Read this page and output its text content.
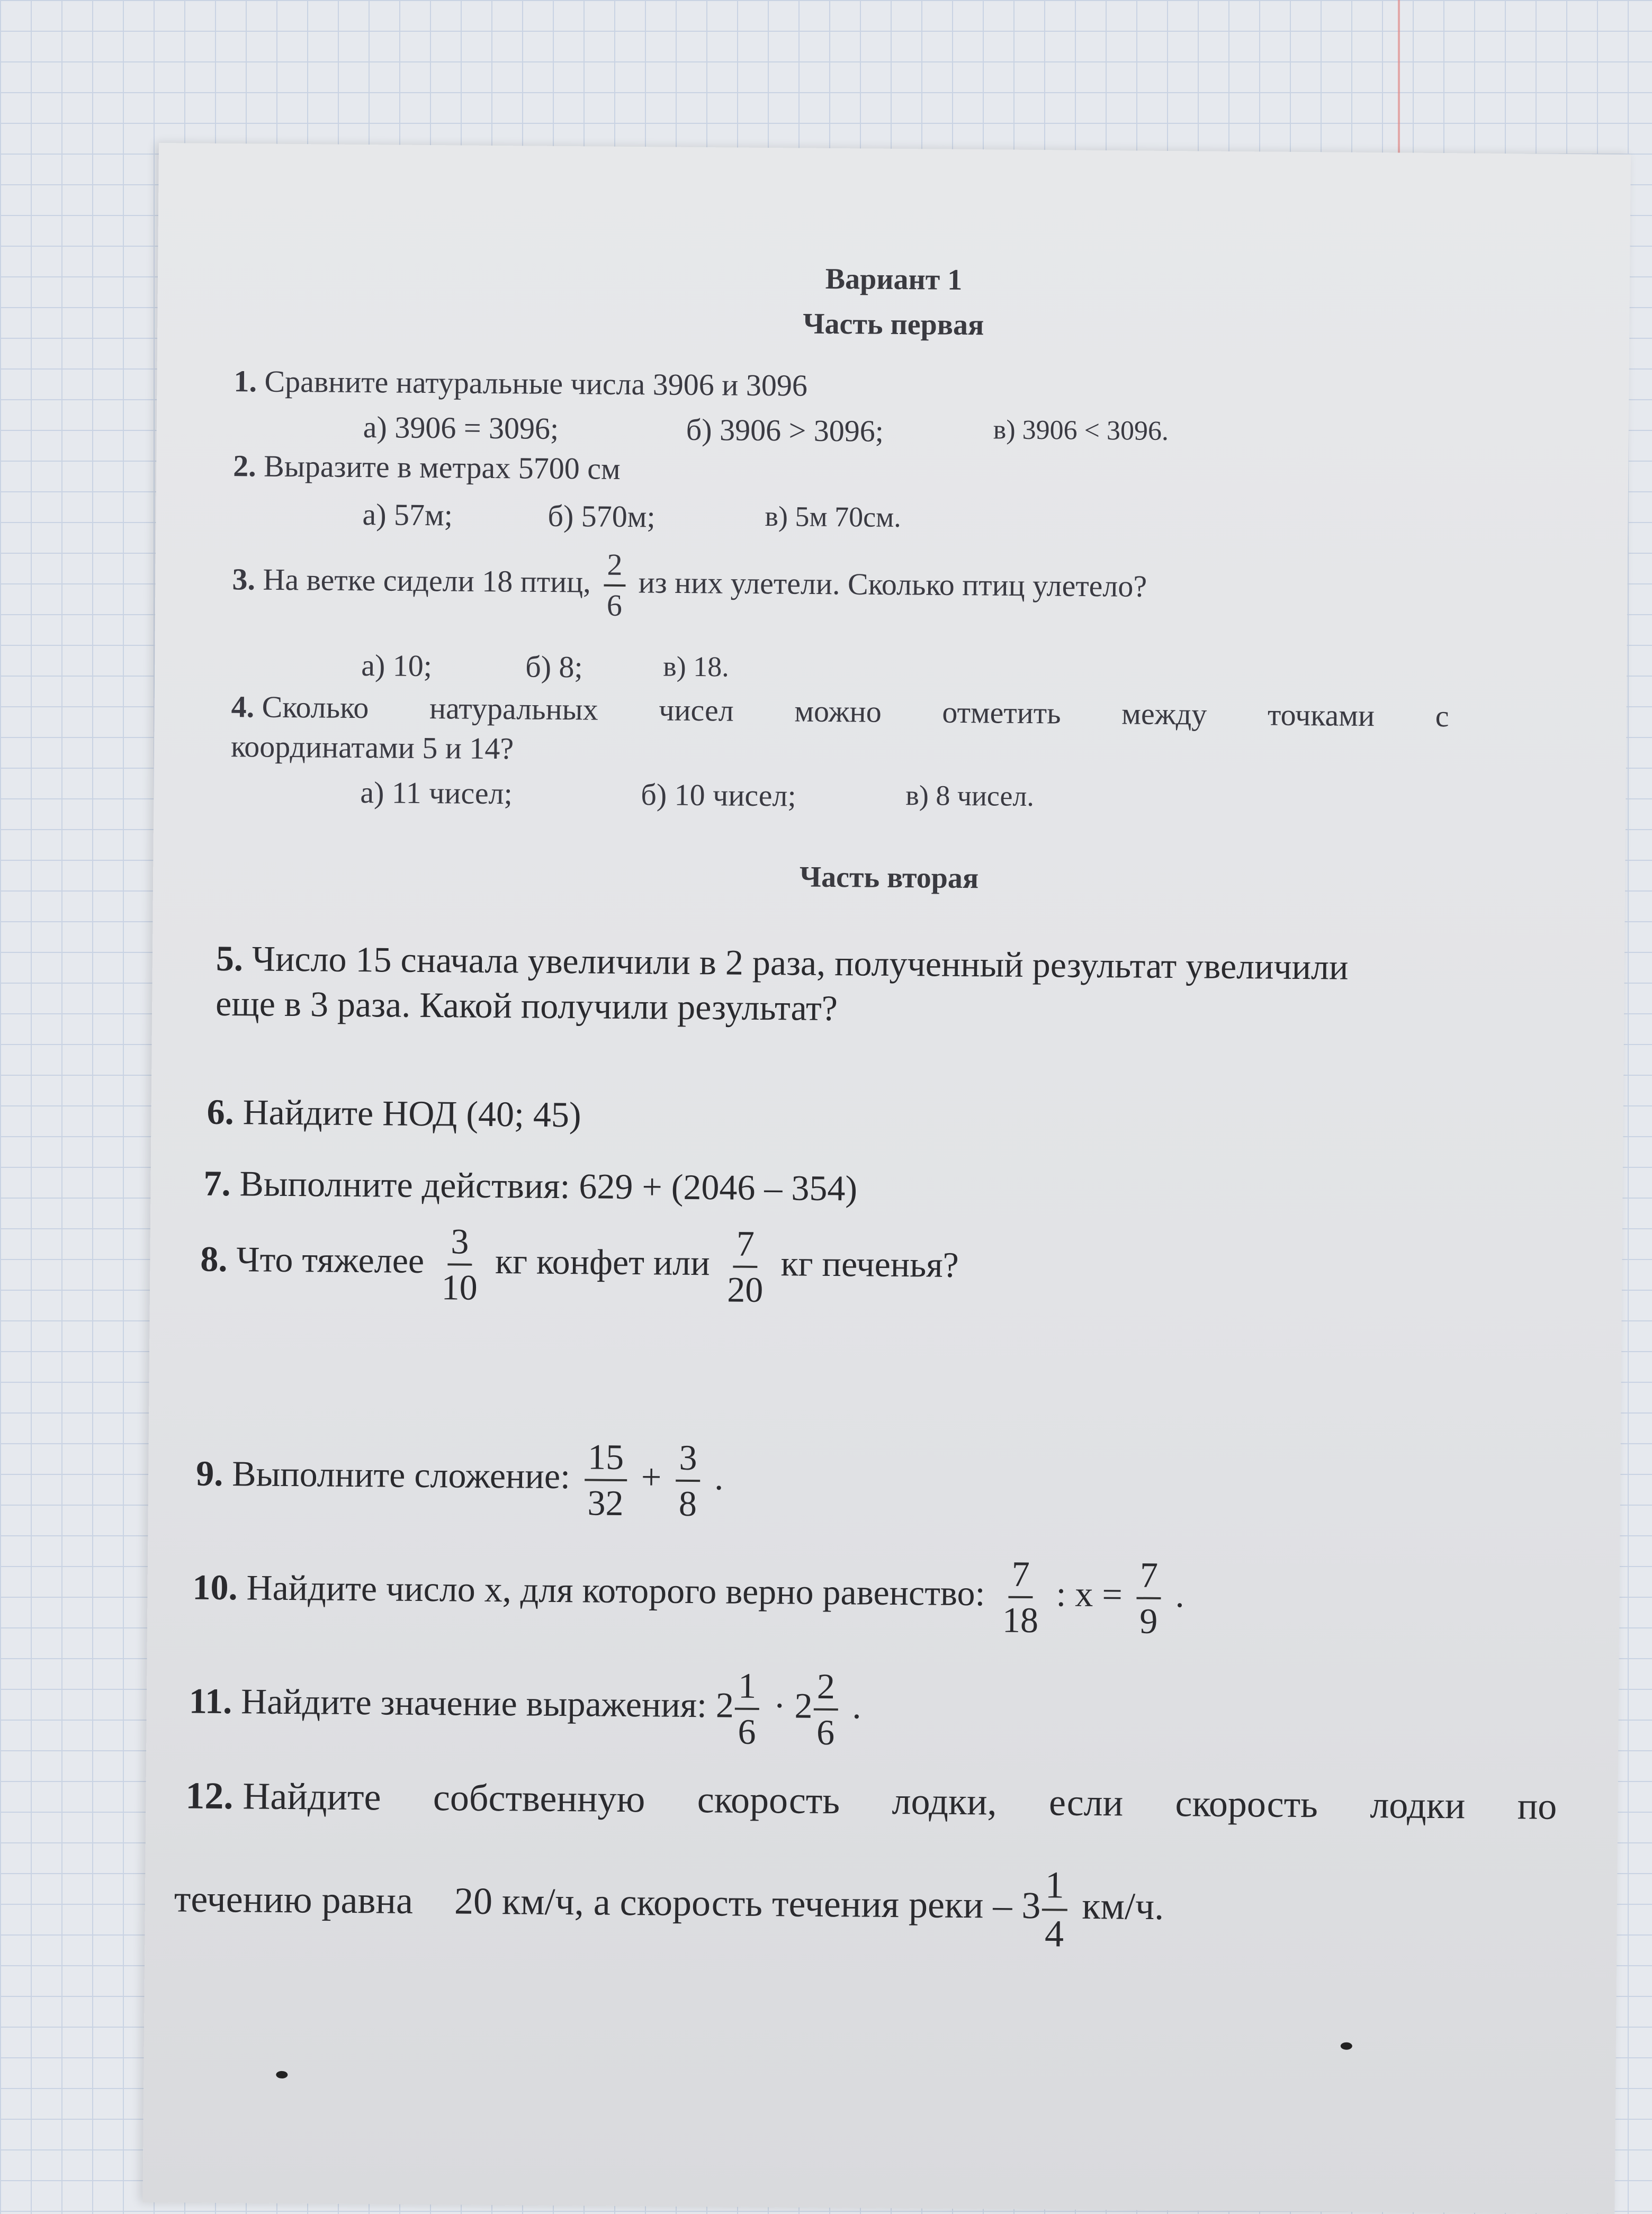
Вариант 1
Часть первая
1. Сравните натуральные числа 3906 и 3096
а) 3906 = 3096;	б) 3906 > 3096;	в) 3906 < 3096.
2. Выразите в метрах 5700 см
а) 57м;	б) 570м;	в) 5м 70см.
3. На ветке сидели 18 птиц, $\frac{2}{6}$ из них улетели. Сколько птиц улетело?
а) 10;	б) 8;	в) 18.
4. Сколько натуральных чисел можно отметить между точками с
координатами 5 и 14?
а) 11 чисел;	б) 10 чисел;	в) 8 чисел.
Часть вторая
5. Число 15 сначала увеличили в 2 раза, полученный результат увеличили
еще в 3 раза. Какой получили результат?
6. Найдите НОД (40; 45)
7. Выполните действия: 629 + (2046 – 354)
8. Что тяжелее $\frac{3}{10}$ кг конфет или $\frac{7}{20}$ кг печенья?
9. Выполните сложение: $\frac{15}{32} + \frac{3}{8}$ .
10. Найдите число x, для которого верно равенство: $\frac{7}{18}$ : $x = \frac{7}{9}$ .
11. Найдите значение выражения: $2 \frac{1}{6} \cdot 2 \frac{2}{6}$ .
12. Найдите собственную скорость лодки, если скорость лодки по
течению равна 20 км/ч, а скорость течения реки – $3 \frac{1}{4} км/ч$.
